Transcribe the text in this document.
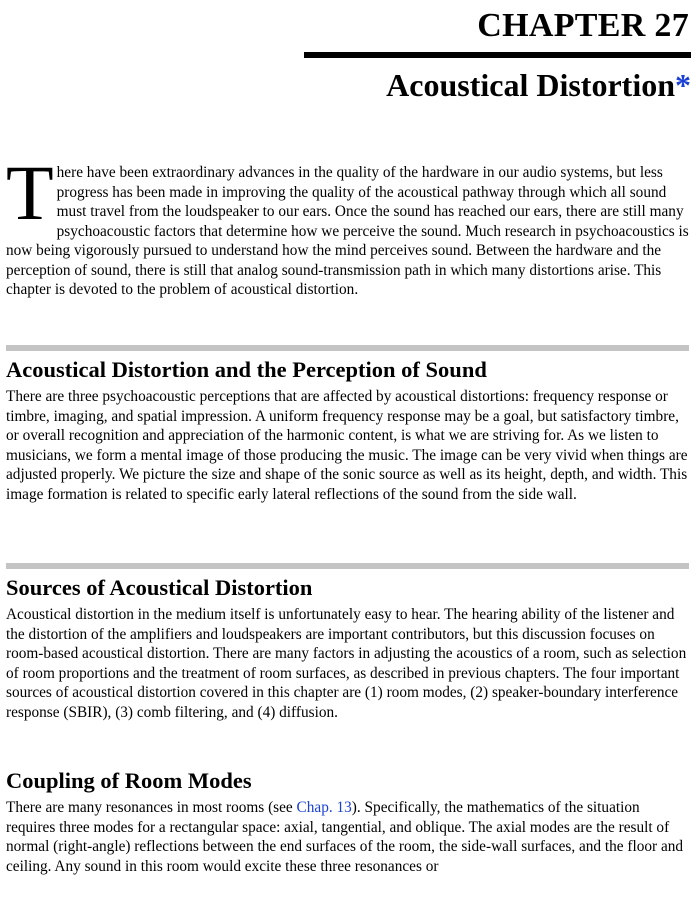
CHAPTER 27
Acoustical Distortion*

There have been extraordinary advances in the quality of the hardware in our audio systems, but less progress has been made in improving the quality of the acoustical pathway through which all sound must travel from the loudspeaker to our ears. Once the sound has reached our ears, there are still many psychoacoustic factors that determine how we perceive the sound. Much research in psychoacoustics is now being vigorously pursued to understand how the mind perceives sound. Between the hardware and the perception of sound, there is still that analog sound-transmission path in which many distortions arise. This chapter is devoted to the problem of acoustical distortion.

Acoustical Distortion and the Perception of Sound

There are three psychoacoustic perceptions that are affected by acoustical distortions: frequency response or timbre, imaging, and spatial impression. A uniform frequency response may be a goal, but satisfactory timbre, or overall recognition and appreciation of the harmonic content, is what we are striving for. As we listen to musicians, we form a mental image of those producing the music. The image can be very vivid when things are adjusted properly. We picture the size and shape of the sonic source as well as its height, depth, and width. This image formation is related to specific early lateral reflections of the sound from the side wall.

Sources of Acoustical Distortion

Acoustical distortion in the medium itself is unfortunately easy to hear. The hearing ability of the listener and the distortion of the amplifiers and loudspeakers are important contributors, but this discussion focuses on room-based acoustical distortion. There are many factors in adjusting the acoustics of a room, such as selection of room proportions and the treatment of room surfaces, as described in previous chapters. The four important sources of acoustical distortion covered in this chapter are (1) room modes, (2) speaker-boundary interference response (SBIR), (3) comb filtering, and (4) diffusion.

Coupling of Room Modes

There are many resonances in most rooms (see Chap. 13). Specifically, the mathematics of the situation requires three modes for a rectangular space: axial, tangential, and oblique. The axial modes are the result of normal (right-angle) reflections between the end surfaces of the room, the side-wall surfaces, and the floor and ceiling. Any sound in this room would excite these three resonances or
